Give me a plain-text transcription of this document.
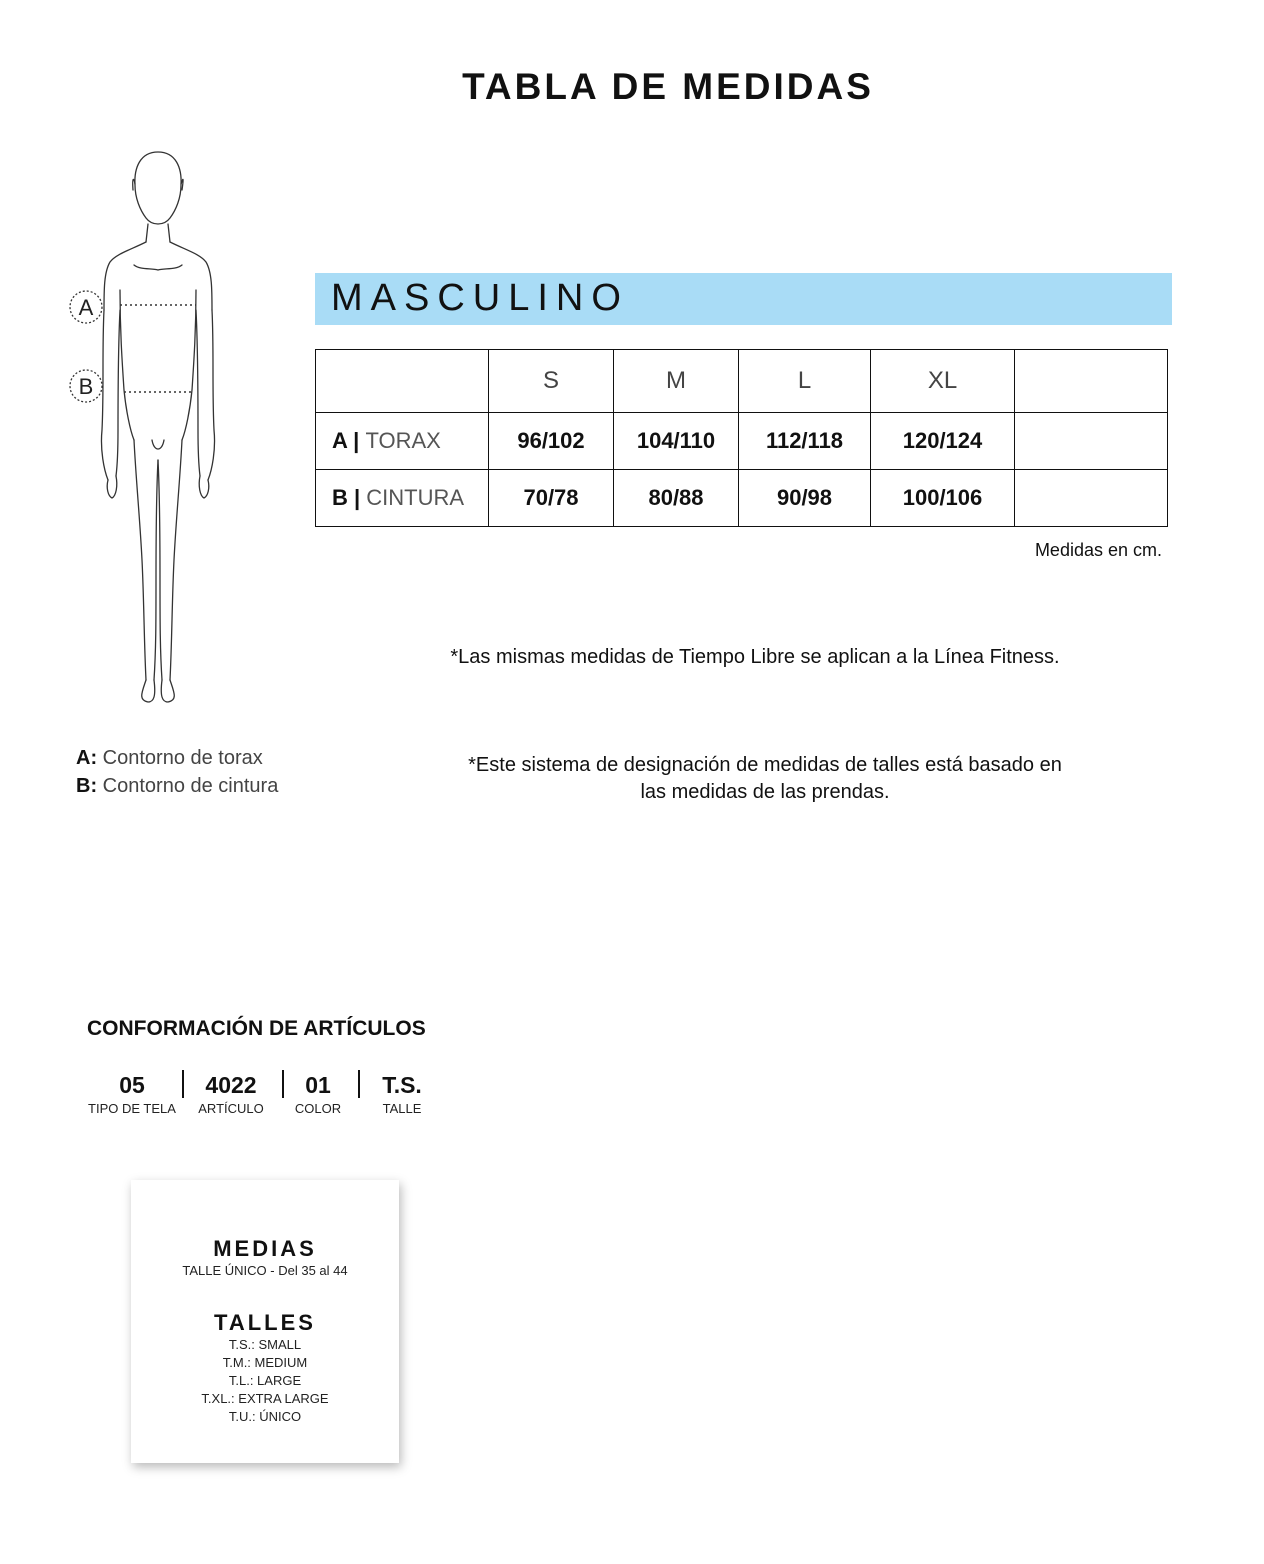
TABLA DE MEDIDAS
A
B
MASCULINO
	S	M	L	XL	
A | TORAX	96/102	104/110	112/118	120/124	
B | CINTURA	70/78	80/88	90/98	100/106	
Medidas en cm.
*Las mismas medidas de Tiempo Libre se aplican a la Línea Fitness.
*Este sistema de designación de medidas de talles está basado en
las medidas de las prendas.
A: Contorno de torax
B: Contorno de cintura
CONFORMACIÓN DE ARTÍCULOS
05
TIPO DE TELA
4022
ARTÍCULO
01
COLOR
T.S.
TALLE
MEDIAS
TALLE ÚNICO - Del 35 al 44
TALLES
T.S.: SMALL
T.M.: MEDIUM
T.L.: LARGE
T.XL.: EXTRA LARGE
T.U.: ÚNICO
